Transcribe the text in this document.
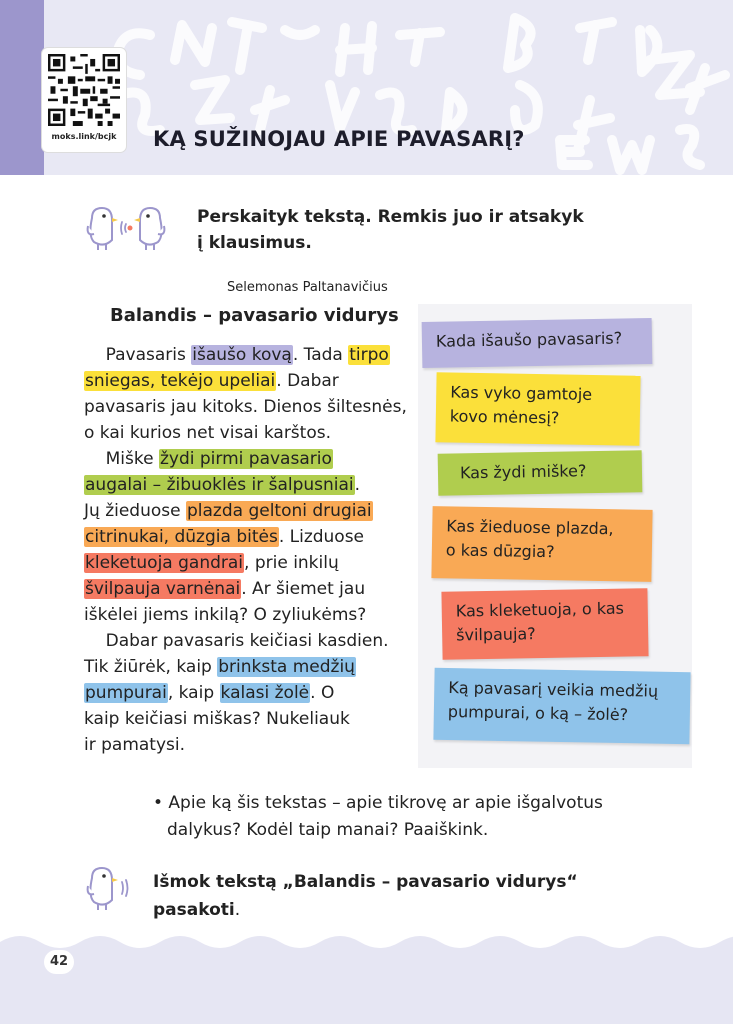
moks.link/bcjk	KĄ SUŽINOJAU APIE PAVASARĮ?
Perskaityk tekstą. Remkis juo ir atsakyk
į klausimus.
Selemonas Paltanavičius
Balandis – pavasario vidurys
Pavasaris išaušo kovą. Tada tirpo
sniegas, tekėjo upeliai. Dabar
pavasaris jau kitoks. Dienos šiltesnės,
o kai kurios net visai karštos.
Miške žydi pirmi pavasario
augalai – žibuoklės ir šalpusniai.
Jų žieduose plazda geltoni drugiai
citrinukai, dūzgia bitės. Lizduose
kleketuoja gandrai, prie inkilų
švilpauja varnėnai. Ar šiemet jau
iškėlei jiems inkilą? O zyliukėms?
Dabar pavasaris keičiasi kasdien.
Tik žiūrėk, kaip brinksta medžių
pumpurai, kaip kalasi žolė. O
kaip keičiasi miškas? Nukeliauk
ir pamatysi.
Kada išaušo pavasaris?
Kas vyko gamtoje
kovo mėnesį?
Kas žydi miške?
Kas žieduose plazda,
o kas dūzgia?
Kas kleketuoja, o kas
švilpauja?
Ką pavasarį veikia medžių
pumpurai, o ką – žolė?
• Apie ką šis tekstas – apie tikrovę ar apie išgalvotus
dalykus? Kodėl taip manai? Paaiškink.
Išmok tekstą „Balandis – pavasario vidurys“
pasakoti.
42
